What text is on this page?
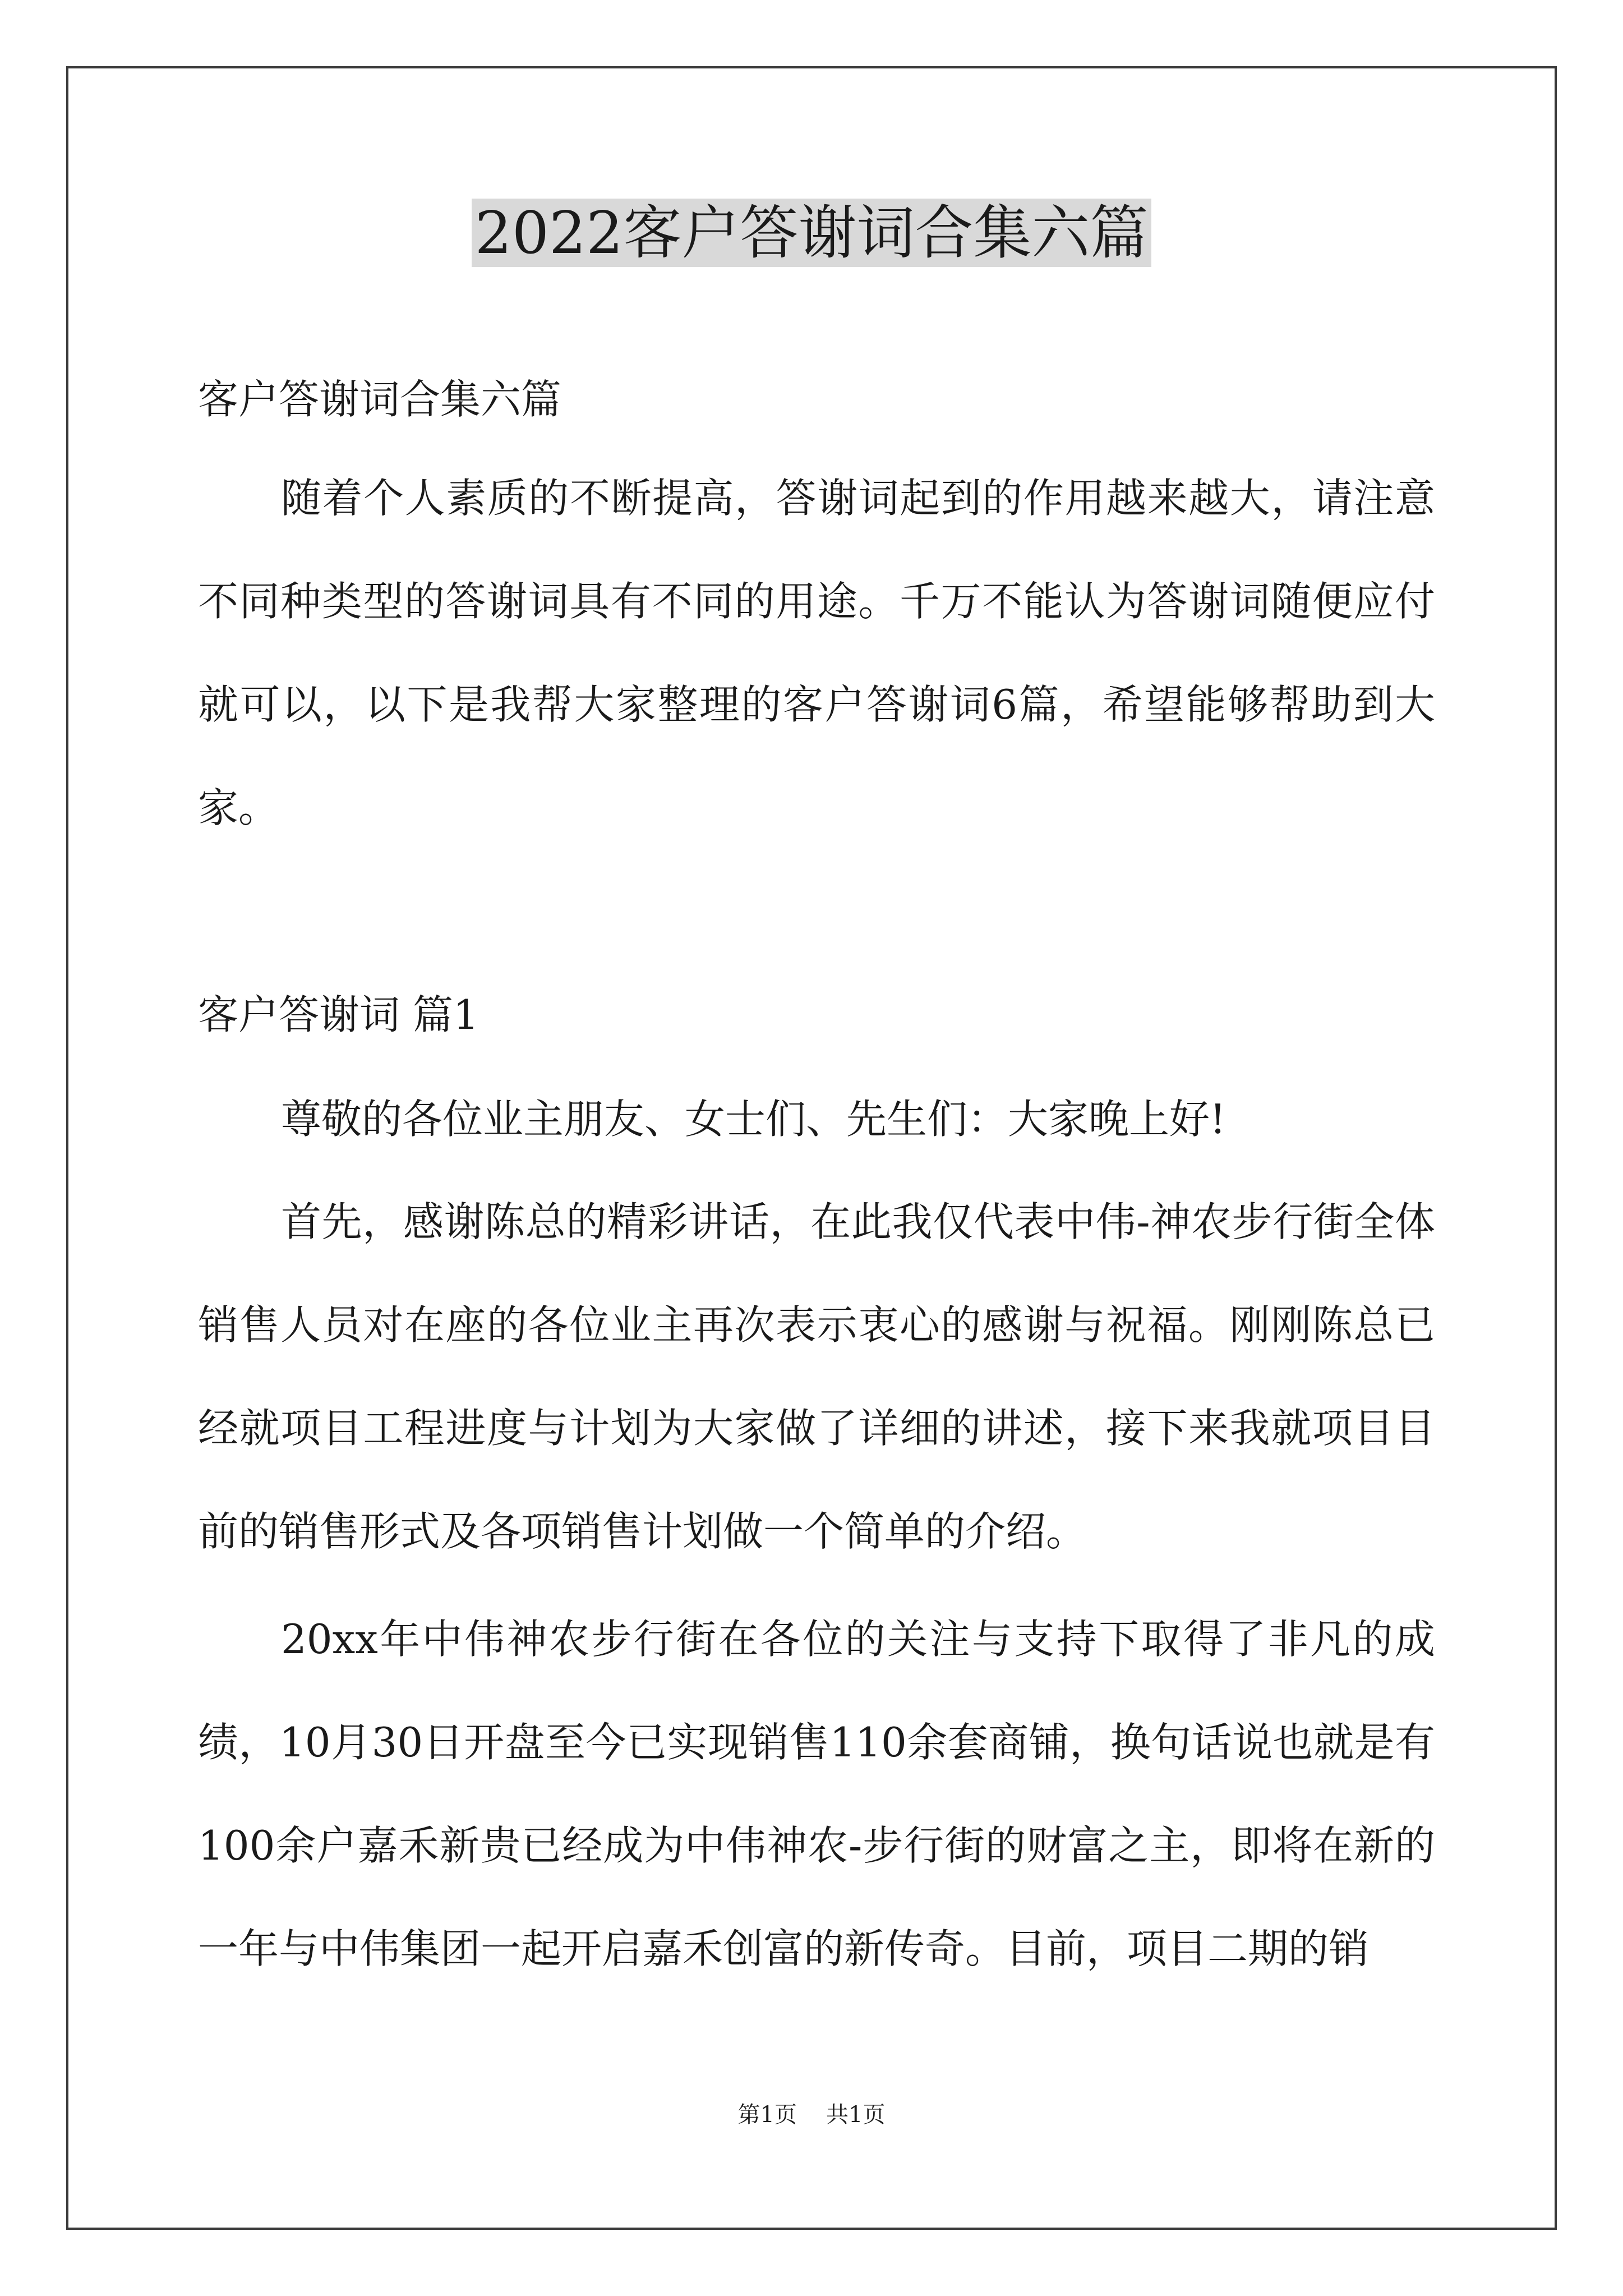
2022客户答谢词合集六篇

客户答谢词合集六篇

随着个人素质的不断提高，答谢词起到的作用越来越大，请注意不同种类型的答谢词具有不同的用途。千万不能认为答谢词随便应付就可以，以下是我帮大家整理的客户答谢词6篇，希望能够帮助到大家。

客户答谢词 篇1

尊敬的各位业主朋友、女士们、先生们：大家晚上好!

首先，感谢陈总的精彩讲话，在此我仅代表中伟-神农步行街全体销售人员对在座的各位业主再次表示衷心的感谢与祝福。刚刚陈总已经就项目工程进度与计划为大家做了详细的讲述，接下来我就项目目前的销售形式及各项销售计划做一个简单的介绍。

20xx年中伟神农步行街在各位的关注与支持下取得了非凡的成绩，10月30日开盘至今已实现销售110余套商铺，换句话说也就是有100余户嘉禾新贵已经成为中伟神农-步行街的财富之主，即将在新的一年与中伟集团一起开启嘉禾创富的新传奇。目前，项目二期的销

第1页 共1页
